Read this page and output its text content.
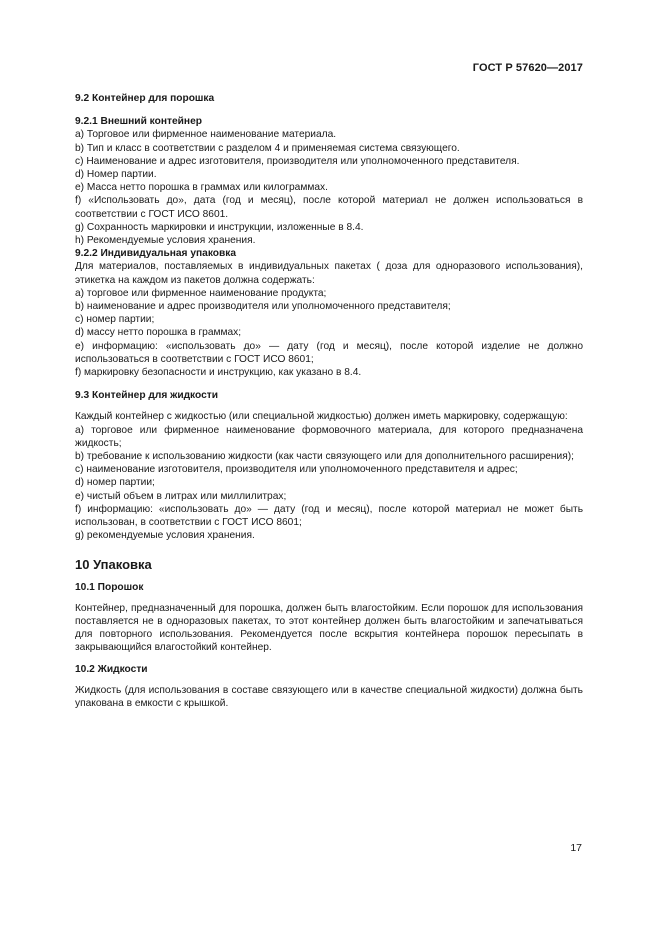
ГОСТ Р 57620—2017

9.2 Контейнер для порошка

9.2.1 Внешний контейнер

a) Торговое или фирменное наименование материала.

b) Тип и класс в соответствии с разделом 4 и применяемая система связующего.

c) Наименование и адрес изготовителя, производителя или уполномоченного представителя.

d) Номер партии.

e) Масса нетто порошка в граммах или килограммах.

f) «Использовать до», дата (год и месяц), после которой материал не должен использоваться в соответствии с ГОСТ ИСО 8601.

g) Сохранность маркировки и инструкции, изложенные в 8.4.

h) Рекомендуемые условия хранения.

9.2.2 Индивидуальная упаковка

Для материалов, поставляемых в индивидуальных пакетах ( доза для одноразового использования), этикетка на каждом из пакетов должна содержать:

а) торговое или фирменное наименование продукта;

b) наименование и адрес производителя или уполномоченного представителя;

c) номер партии;

d) массу нетто порошка в граммах;

е) информацию: «использовать до» — дату (год и месяц), после которой изделие не должно использоваться в соответствии с ГОСТ ИСО 8601;

f) маркировку безопасности и инструкцию, как указано в 8.4.

9.3 Контейнер для жидкости

Каждый контейнер с жидкостью (или специальной жидкостью) должен иметь маркировку, содержащую:

а) торговое или фирменное наименование формовочного материала, для которого предназначена жидкость;

b) требование к использованию жидкости (как части связующего или для дополнительного расширения);

c) наименование изготовителя, производителя или уполномоченного представителя и адрес;

d) номер партии;

е) чистый объем в литрах или миллилитрах;

f) информацию: «использовать до» — дату (год и месяц), после которой материал не может быть использован, в соответствии с ГОСТ ИСО 8601;

g) рекомендуемые условия хранения.

10 Упаковка

10.1 Порошок

Контейнер, предназначенный для порошка, должен быть влагостойким. Если порошок для использования поставляется не в одноразовых пакетах, то этот контейнер должен быть влагостойким и запечатываться для повторного использования. Рекомендуется после вскрытия контейнера порошок пересыпать в закрывающийся влагостойкий контейнер.

10.2 Жидкости

Жидкость (для использования в составе связующего или в качестве специальной жидкости) должна быть упакована в емкости с крышкой.

17
